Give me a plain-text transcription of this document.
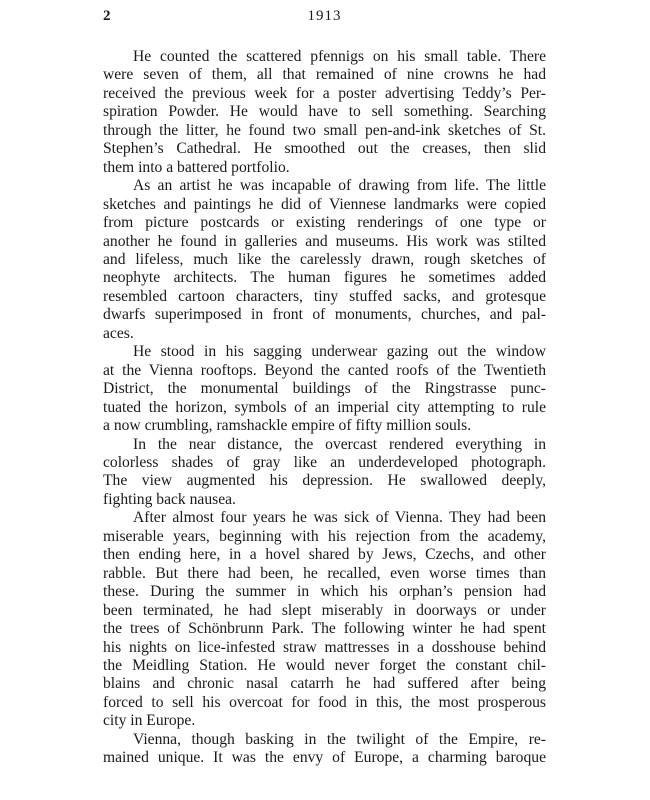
2	1913
He counted the scattered pfennigs on his small table. There
were seven of them, all that remained of nine crowns he had
received the previous week for a poster advertising Teddy’s Per-
spiration Powder. He would have to sell something. Searching
through the litter, he found two small pen-and-ink sketches of St.
Stephen’s Cathedral. He smoothed out the creases, then slid
them into a battered portfolio.
As an artist he was incapable of drawing from life. The little
sketches and paintings he did of Viennese landmarks were copied
from picture postcards or existing renderings of one type or
another he found in galleries and museums. His work was stilted
and lifeless, much like the carelessly drawn, rough sketches of
neophyte architects. The human figures he sometimes added
resembled cartoon characters, tiny stuffed sacks, and grotesque
dwarfs superimposed in front of monuments, churches, and pal-
aces.
He stood in his sagging underwear gazing out the window
at the Vienna rooftops. Beyond the canted roofs of the Twentieth
District, the monumental buildings of the Ringstrasse punc-
tuated the horizon, symbols of an imperial city attempting to rule
a now crumbling, ramshackle empire of fifty million souls.
In the near distance, the overcast rendered everything in
colorless shades of gray like an underdeveloped photograph.
The view augmented his depression. He swallowed deeply,
fighting back nausea.
After almost four years he was sick of Vienna. They had been
miserable years, beginning with his rejection from the academy,
then ending here, in a hovel shared by Jews, Czechs, and other
rabble. But there had been, he recalled, even worse times than
these. During the summer in which his orphan’s pension had
been terminated, he had slept miserably in doorways or under
the trees of Schönbrunn Park. The following winter he had spent
his nights on lice-infested straw mattresses in a dosshouse behind
the Meidling Station. He would never forget the constant chil-
blains and chronic nasal catarrh he had suffered after being
forced to sell his overcoat for food in this, the most prosperous
city in Europe.
Vienna, though basking in the twilight of the Empire, re-
mained unique. It was the envy of Europe, a charming baroque
